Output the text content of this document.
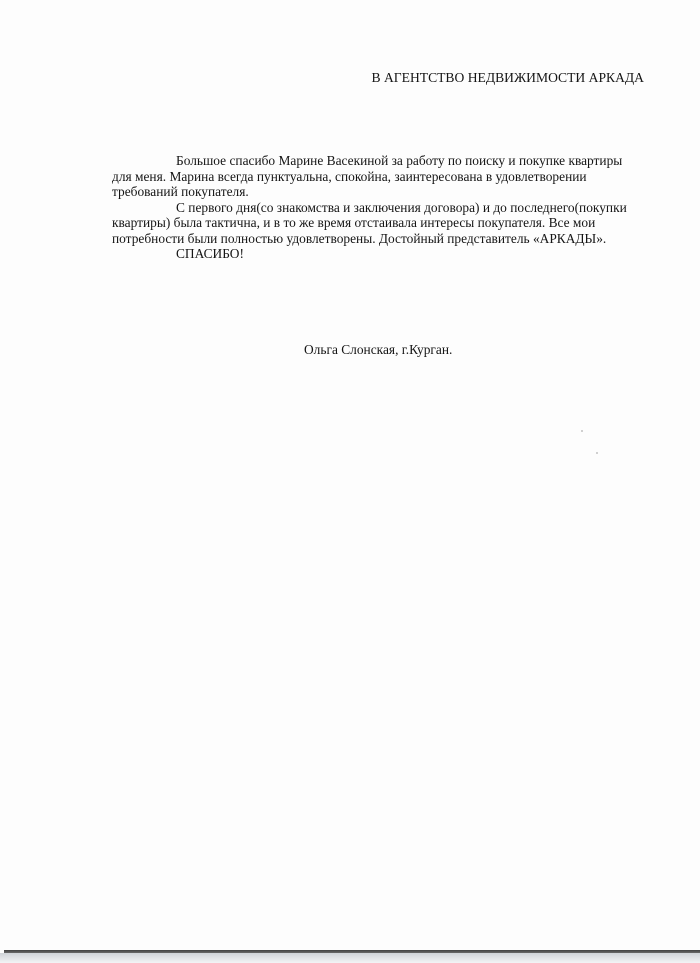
В АГЕНТСТВО НЕДВИЖИМОСТИ АРКАДА
Большое спасибо Марине Васекиной за работу по поиску и покупке квартиры
для меня. Марина всегда пунктуальна, спокойна, заинтересована в удовлетворении
требований покупателя.
С первого дня(со знакомства и заключения договора) и до последнего(покупки
квартиры) была тактична, и в то же время отстаивала интересы покупателя. Все мои
потребности были полностью удовлетворены. Достойный представитель «АРКАДЫ».
СПАСИБО!
Ольга Слонская, г.Курган.
